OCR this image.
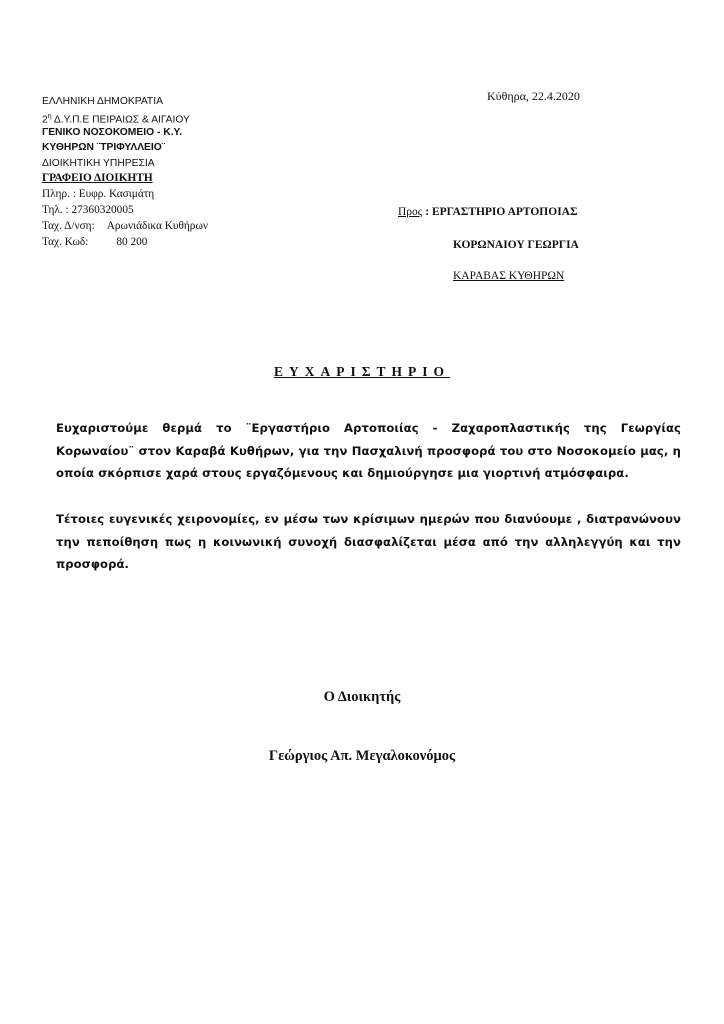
ΕΛΛΗΝΙΚΗ ΔΗΜΟΚΡΑΤΙΑ
$2^\eta$ Δ.Υ.Π.Ε ΠΕΙΡΑΙΩΣ & ΑΙΓΑΙΟΥ
ΓΕΝΙΚΟ ΝΟΣΟΚΟΜΕΙΟ - Κ.Υ.
ΚΥΘΗΡΩΝ ¨ΤΡΙΦΥΛΛΕΙΟ¨
ΔΙΟΙΚΗΤΙΚΗ ΥΠΗΡΕΣΙΑ
ΓΡΑΦΕΙΟ ΔΙΟΙΚΗΤΗ
Πληρ. : Ευφρ. Κασιμάτη
Τηλ. : 27360320005
Ταχ. Δ/νση: Αρωνιάδικα Κυθήρων
Ταχ. Κωδ: 80 200
Κύθηρα, 22.4.2020
Προς : ΕΡΓΑΣΤΗΡΙΟ ΑΡΤΟΠΟΙΑΣ
ΚΟΡΩΝΑΙΟΥ ΓΕΩΡΓΙΑ
ΚΑΡΑΒΑΣ ΚΥΘΗΡΩΝ
ΕΥΧΑΡΙΣΤΗΡΙΟ

Ευχαριστούμε θερμά το ¨Εργαστήριο Αρτοποιίας - Ζαχαροπλαστικής της Γεωργίας Κορωναίου¨ στον Καραβά Κυθήρων, για την Πασχαλινή προσφορά του στο Νοσοκομείο μας, η οποία σκόρπισε χαρά στους εργαζόμενους και δημιούργησε μια γιορτινή ατμόσφαιρα.

Τέτοιες ευγενικές χειρονομίες, εν μέσω των κρίσιμων ημερών που διανύουμε , διατρανώνουν την πεποίθηση πως η κοινωνική συνοχή διασφαλίζεται μέσα από την αλληλεγγύη και την προσφορά.

Ο Διοικητής
Γεώργιος Απ. Μεγαλοκονόμος
